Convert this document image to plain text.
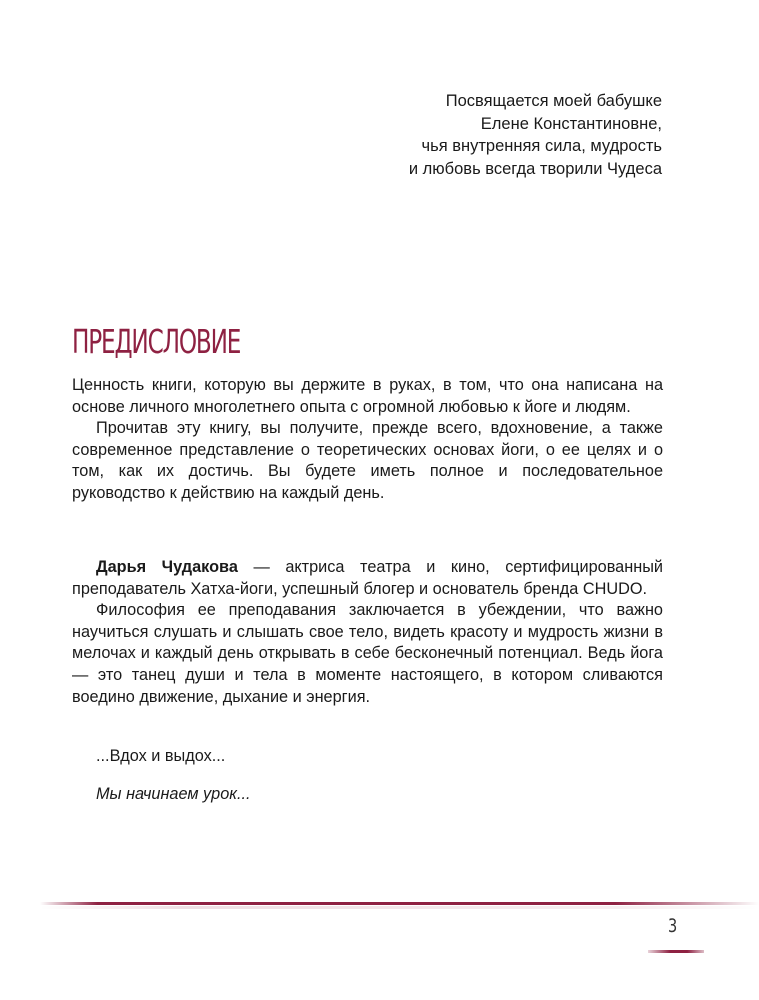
Посвящается моей бабушке
Елене Константиновне,
чья внутренняя сила, мудрость
и любовь всегда творили Чудеса
ПРЕДИСЛОВИЕ

Ценность книги, которую вы держите в руках, в том, что она написана на основе личного многолетнего опыта с огромной любовью к йоге и людям.

Прочитав эту книгу, вы получите, прежде всего, вдохновение, а также современное представление о теоретических основах йоги, о ее целях и о том, как их достичь. Вы будете иметь полное и последовательное руководство к действию на каждый день.

Дарья Чудакова — актриса театра и кино, сертифицированный преподаватель Хатха-йоги, успешный блогер и основатель бренда CHUDO.

Философия ее преподавания заключается в убеждении, что важно научиться слушать и слышать свое тело, видеть красоту и мудрость жизни в мелочах и каждый день открывать в себе бесконечный потенциал. Ведь йога — это танец души и тела в моменте настоящего, в котором сливаются воедино движение, дыхание и энергия.

...Вдох и выдох...
Мы начинаем урок...
3
